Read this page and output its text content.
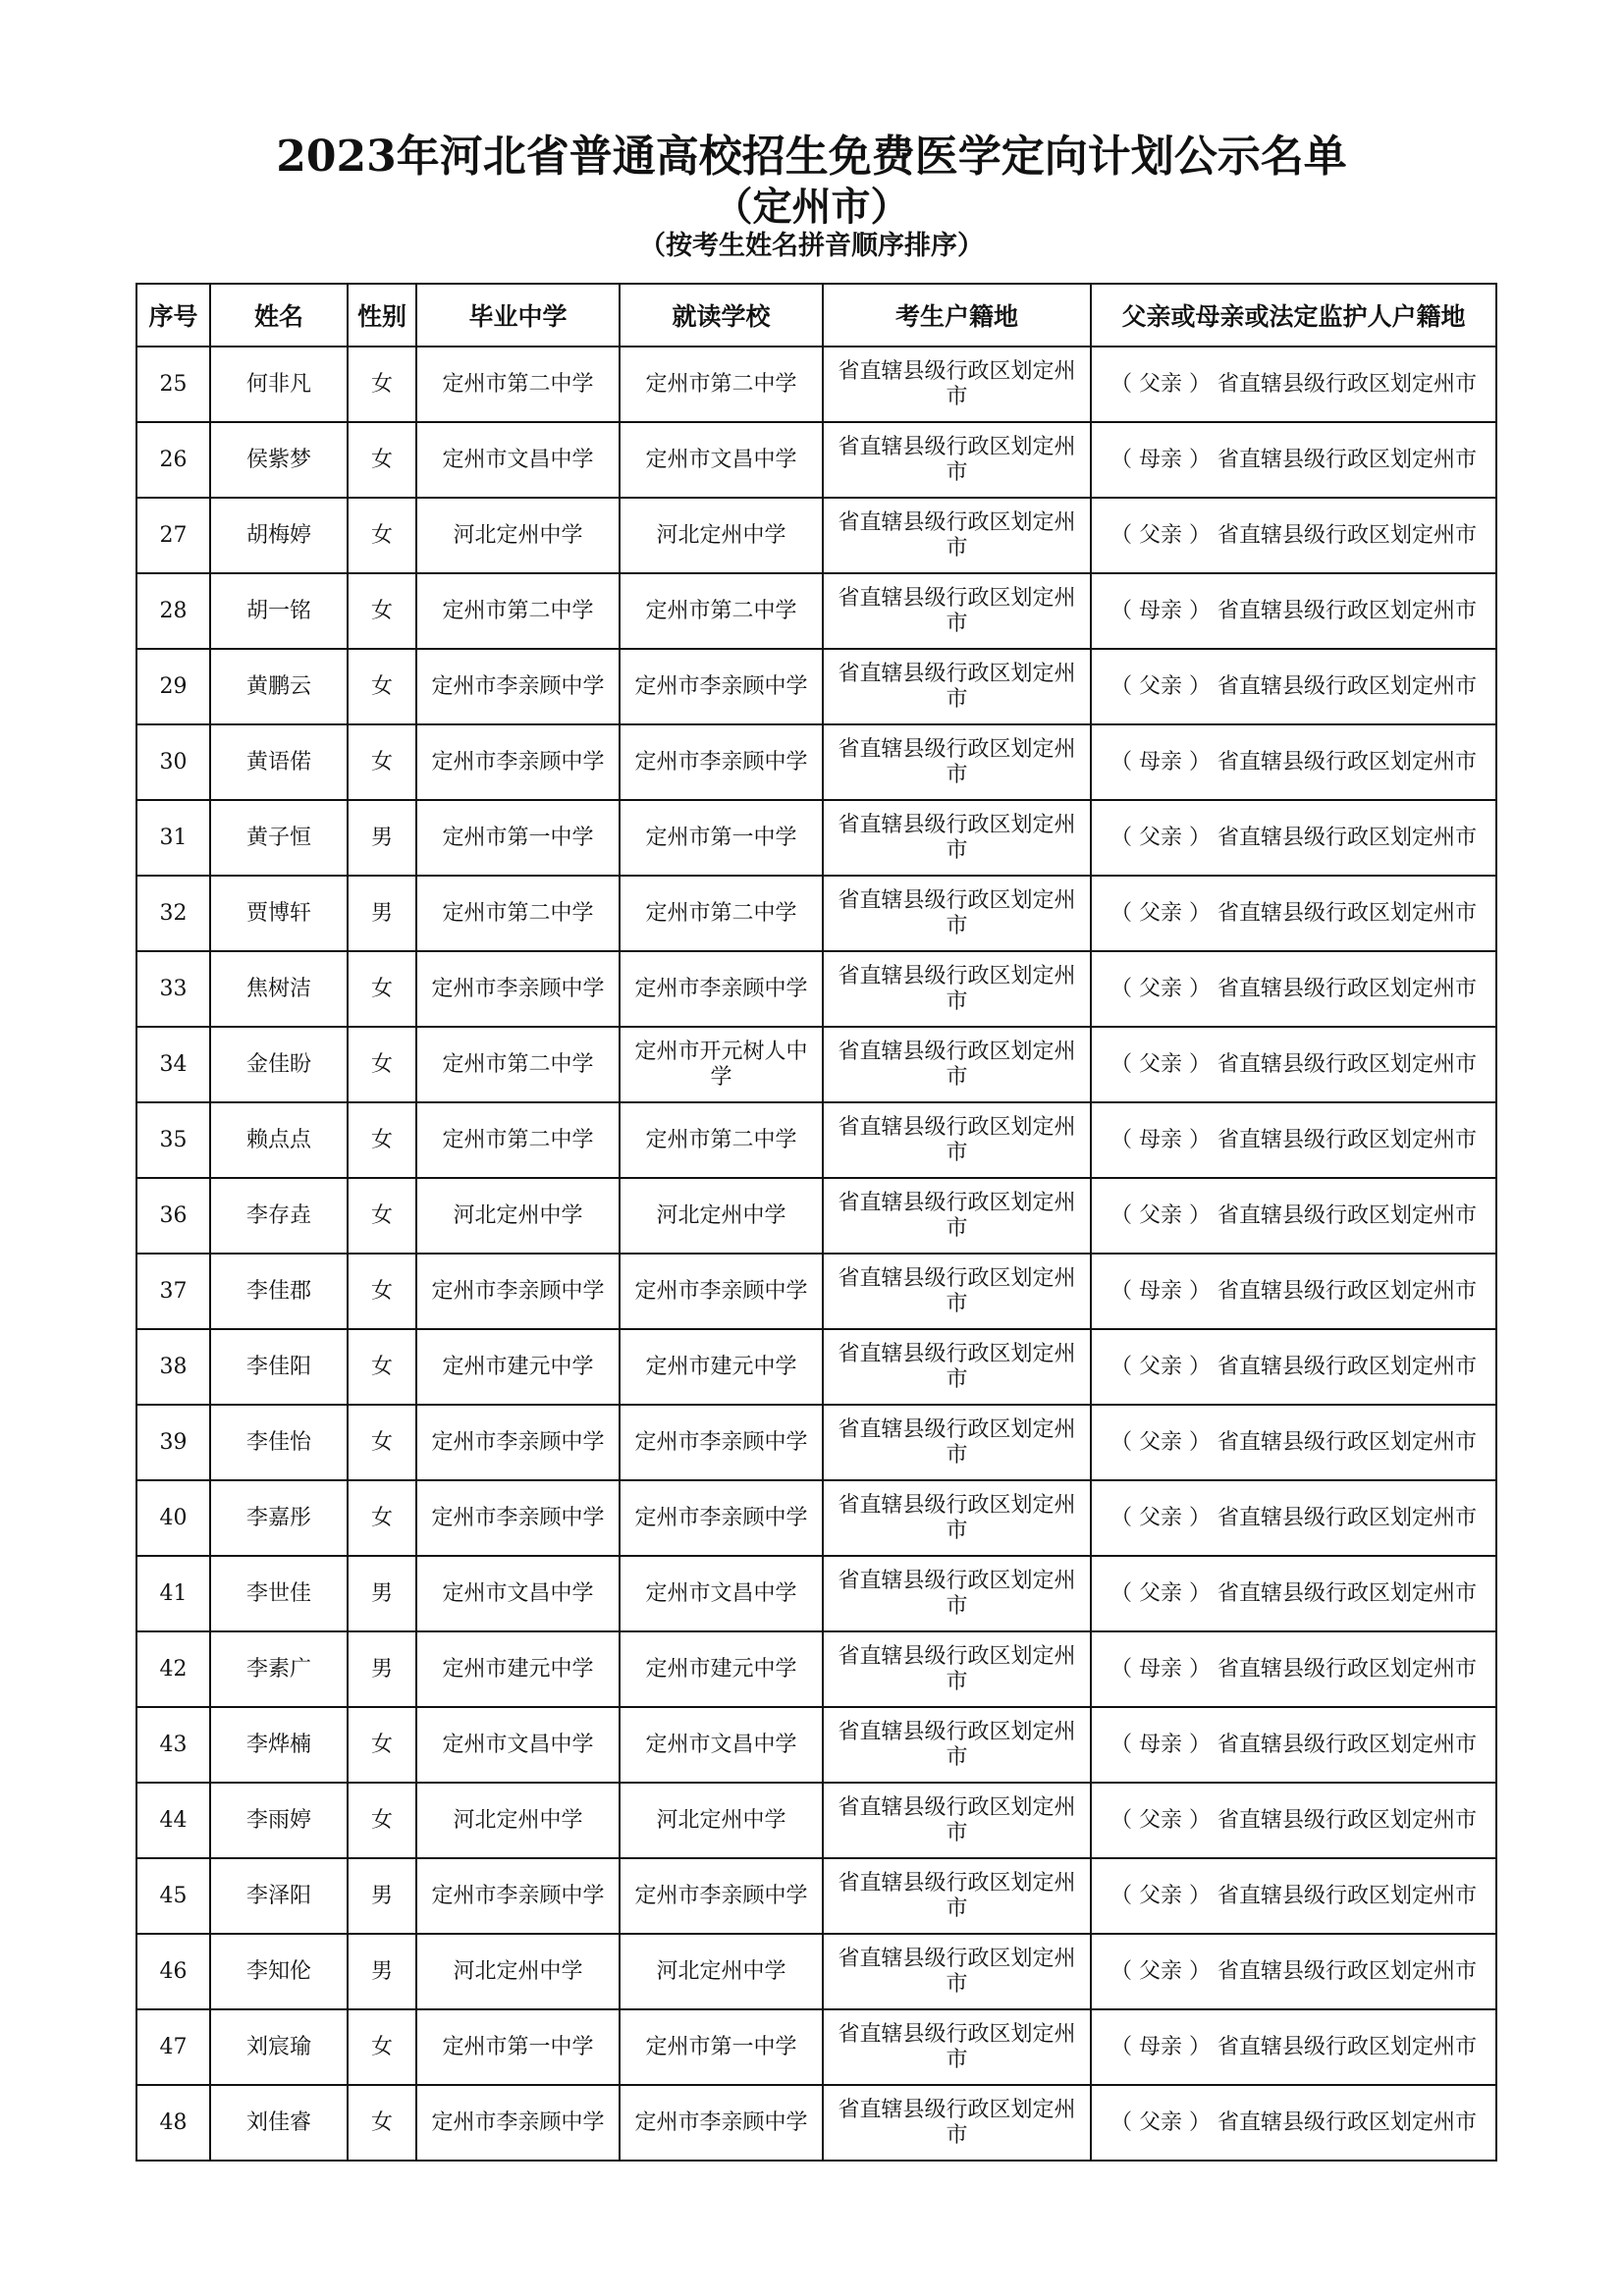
2023年河北省普通高校招生免费医学定向计划公示名单
（定州市）
（按考生姓名拼音顺序排序）
序号	姓名	性别	毕业中学	就读学校	考生户籍地	父亲或母亲或法定监护人户籍地
25	何非凡	女	定州市第二中学	定州市第二中学	省直辖县级行政区划定州市	（ 父亲 ） 省直辖县级行政区划定州市
26	侯紫梦	女	定州市文昌中学	定州市文昌中学	省直辖县级行政区划定州市	（ 母亲 ） 省直辖县级行政区划定州市
27	胡梅婷	女	河北定州中学	河北定州中学	省直辖县级行政区划定州市	（ 父亲 ） 省直辖县级行政区划定州市
28	胡一铭	女	定州市第二中学	定州市第二中学	省直辖县级行政区划定州市	（ 母亲 ） 省直辖县级行政区划定州市
29	黄鹏云	女	定州市李亲顾中学	定州市李亲顾中学	省直辖县级行政区划定州市	（ 父亲 ） 省直辖县级行政区划定州市
30	黄语偌	女	定州市李亲顾中学	定州市李亲顾中学	省直辖县级行政区划定州市	（ 母亲 ） 省直辖县级行政区划定州市
31	黄子恒	男	定州市第一中学	定州市第一中学	省直辖县级行政区划定州市	（ 父亲 ） 省直辖县级行政区划定州市
32	贾博轩	男	定州市第二中学	定州市第二中学	省直辖县级行政区划定州市	（ 父亲 ） 省直辖县级行政区划定州市
33	焦树洁	女	定州市李亲顾中学	定州市李亲顾中学	省直辖县级行政区划定州市	（ 父亲 ） 省直辖县级行政区划定州市
34	金佳盼	女	定州市第二中学	定州市开元树人中学	省直辖县级行政区划定州市	（ 父亲 ） 省直辖县级行政区划定州市
35	赖点点	女	定州市第二中学	定州市第二中学	省直辖县级行政区划定州市	（ 母亲 ） 省直辖县级行政区划定州市
36	李存垚	女	河北定州中学	河北定州中学	省直辖县级行政区划定州市	（ 父亲 ） 省直辖县级行政区划定州市
37	李佳郡	女	定州市李亲顾中学	定州市李亲顾中学	省直辖县级行政区划定州市	（ 母亲 ） 省直辖县级行政区划定州市
38	李佳阳	女	定州市建元中学	定州市建元中学	省直辖县级行政区划定州市	（ 父亲 ） 省直辖县级行政区划定州市
39	李佳怡	女	定州市李亲顾中学	定州市李亲顾中学	省直辖县级行政区划定州市	（ 父亲 ） 省直辖县级行政区划定州市
40	李嘉彤	女	定州市李亲顾中学	定州市李亲顾中学	省直辖县级行政区划定州市	（ 父亲 ） 省直辖县级行政区划定州市
41	李世佳	男	定州市文昌中学	定州市文昌中学	省直辖县级行政区划定州市	（ 父亲 ） 省直辖县级行政区划定州市
42	李素广	男	定州市建元中学	定州市建元中学	省直辖县级行政区划定州市	（ 母亲 ） 省直辖县级行政区划定州市
43	李烨楠	女	定州市文昌中学	定州市文昌中学	省直辖县级行政区划定州市	（ 母亲 ） 省直辖县级行政区划定州市
44	李雨婷	女	河北定州中学	河北定州中学	省直辖县级行政区划定州市	（ 父亲 ） 省直辖县级行政区划定州市
45	李泽阳	男	定州市李亲顾中学	定州市李亲顾中学	省直辖县级行政区划定州市	（ 父亲 ） 省直辖县级行政区划定州市
46	李知伦	男	河北定州中学	河北定州中学	省直辖县级行政区划定州市	（ 父亲 ） 省直辖县级行政区划定州市
47	刘宸瑜	女	定州市第一中学	定州市第一中学	省直辖县级行政区划定州市	（ 母亲 ） 省直辖县级行政区划定州市
48	刘佳睿	女	定州市李亲顾中学	定州市李亲顾中学	省直辖县级行政区划定州市	（ 父亲 ） 省直辖县级行政区划定州市
